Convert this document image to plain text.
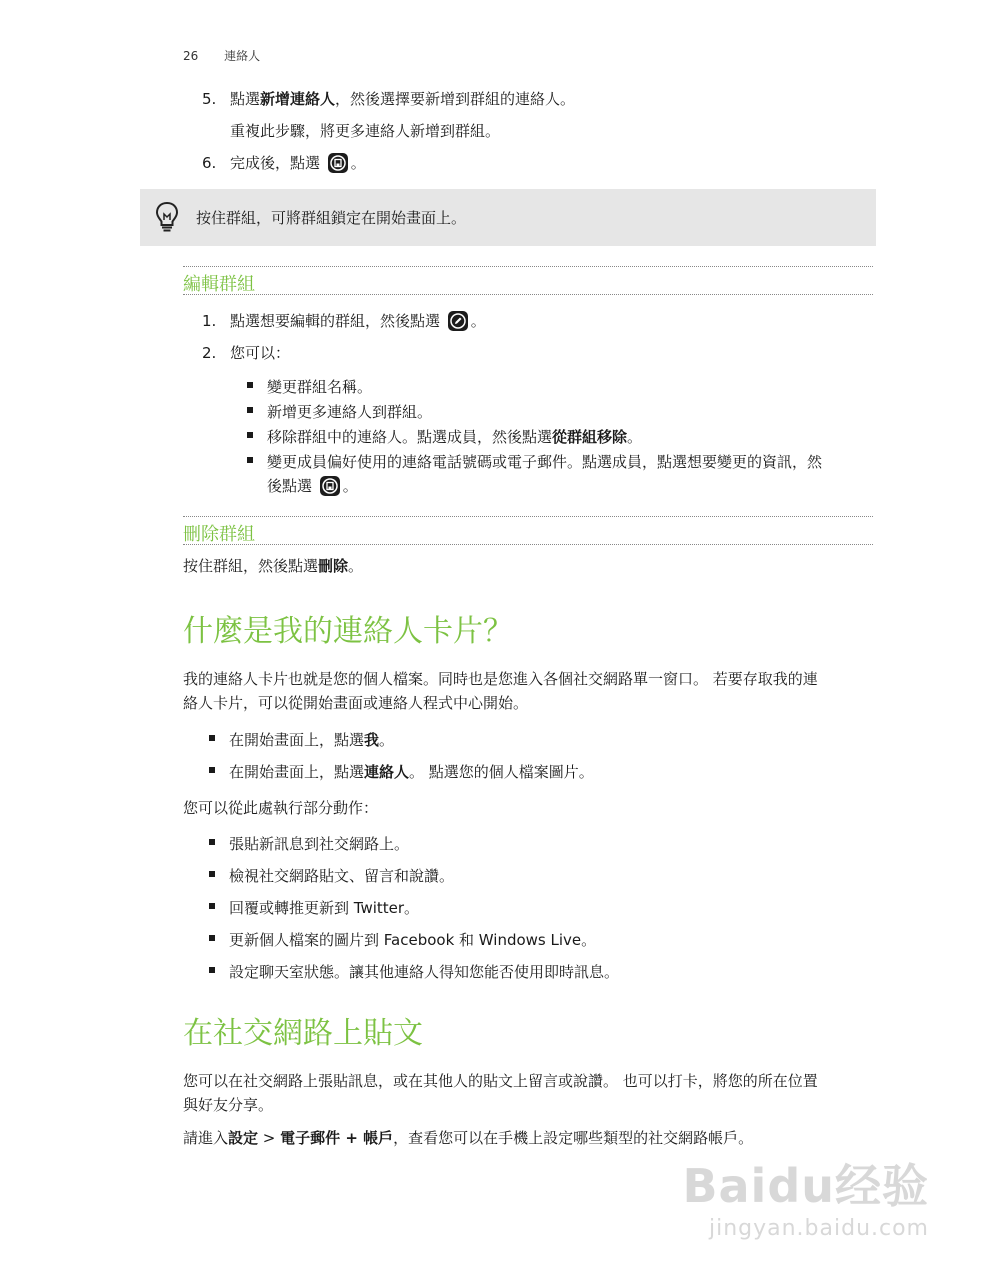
26 連絡人
5. 點選新增連絡人，然後選擇要新增到群組的連絡人。
重複此步驟，將更多連絡人新增到群組。
6. 完成後，點選 。
按住群組，可將群組鎖定在開始畫面上。
編輯群組
1. 點選想要編輯的群組，然後點選 。
2. 您可以：
變更群組名稱。
新增更多連絡人到群組。
移除群組中的連絡人。點選成員，然後點選從群組移除。
變更成員偏好使用的連絡電話號碼或電子郵件。點選成員，點選想要變更的資訊，然
後點選 。
刪除群組
按住群組，然後點選刪除。
什麼是我的連絡人卡片？
我的連絡人卡片也就是您的個人檔案。同時也是您進入各個社交網路單一窗口。 若要存取我的連
絡人卡片，可以從開始畫面或連絡人程式中心開始。
在開始畫面上，點選我。
在開始畫面上，點選連絡人。 點選您的個人檔案圖片。
您可以從此處執行部分動作：
張貼新訊息到社交網路上。
檢視社交網路貼文、留言和說讚。
回覆或轉推更新到 Twitter。
更新個人檔案的圖片到 Facebook 和 Windows Live。
設定聊天室狀態。讓其他連絡人得知您能否使用即時訊息。
在社交網路上貼文
您可以在社交網路上張貼訊息，或在其他人的貼文上留言或說讚。 也可以打卡，將您的所在位置
與好友分享。
請進入設定 > 電子郵件 + 帳戶，查看您可以在手機上設定哪些類型的社交網路帳戶。
Baidu经验
jingyan.baidu.com
